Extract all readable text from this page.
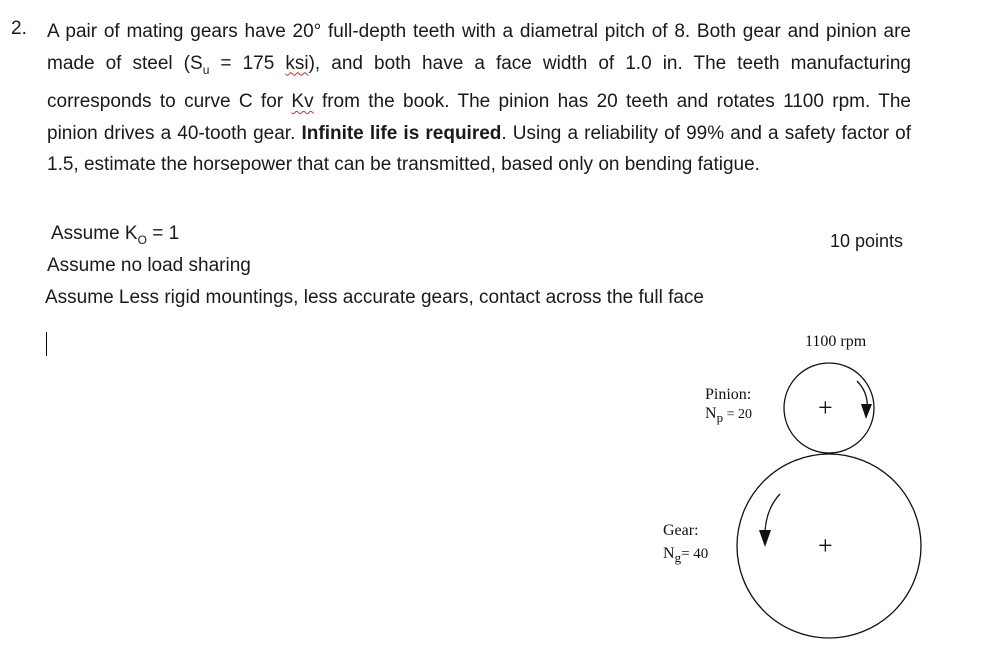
2. A pair of mating gears have 20° full-depth teeth with a diametral pitch of 8. Both gear and pinion are made of steel ($S_u = 175$ ksi), and both have a face width of 1.0 in. The teeth manufacturing corresponds to curve C for Kv from the book. The pinion has 20 teeth and rotates 1100 rpm. The pinion drives a 40-tooth gear. Infinite life is required. Using a reliability of 99% and a safety factor of 1.5, estimate the horsepower that can be transmitted, based only on bending fatigue.
Assume $K_O = 1$
Assume no load sharing
Assume Less rigid mountings, less accurate gears, contact across the full face
10 points
1100 rpm
+
+
Pinion:
$N_p = 20$
Gear:
$N_g= 40$
